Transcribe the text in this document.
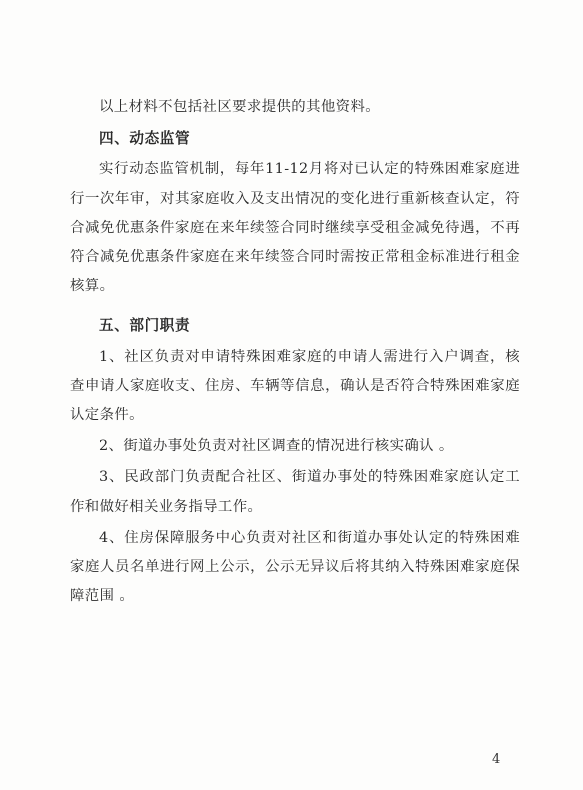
以上材料不包括社区要求提供的其他资料。

四、动态监管

实行动态监管机制，每年11-12月将对已认定的特殊困难家庭进行一次年审，对其家庭收入及支出情况的变化进行重新核查认定，符合减免优惠条件家庭在来年续签合同时继续享受租金减免待遇，不再符合减免优惠条件家庭在来年续签合同时需按正常租金标准进行租金核算。

五、部门职责

1、社区负责对申请特殊困难家庭的申请人需进行入户调查，核查申请人家庭收支、住房、车辆等信息，确认是否符合特殊困难家庭认定条件。

2、街道办事处负责对社区调查的情况进行核实确认 。

3、民政部门负责配合社区、街道办事处的特殊困难家庭认定工作和做好相关业务指导工作。

4、住房保障服务中心负责对社区和街道办事处认定的特殊困难家庭人员名单进行网上公示，公示无异议后将其纳入特殊困难家庭保障范围 。

4
